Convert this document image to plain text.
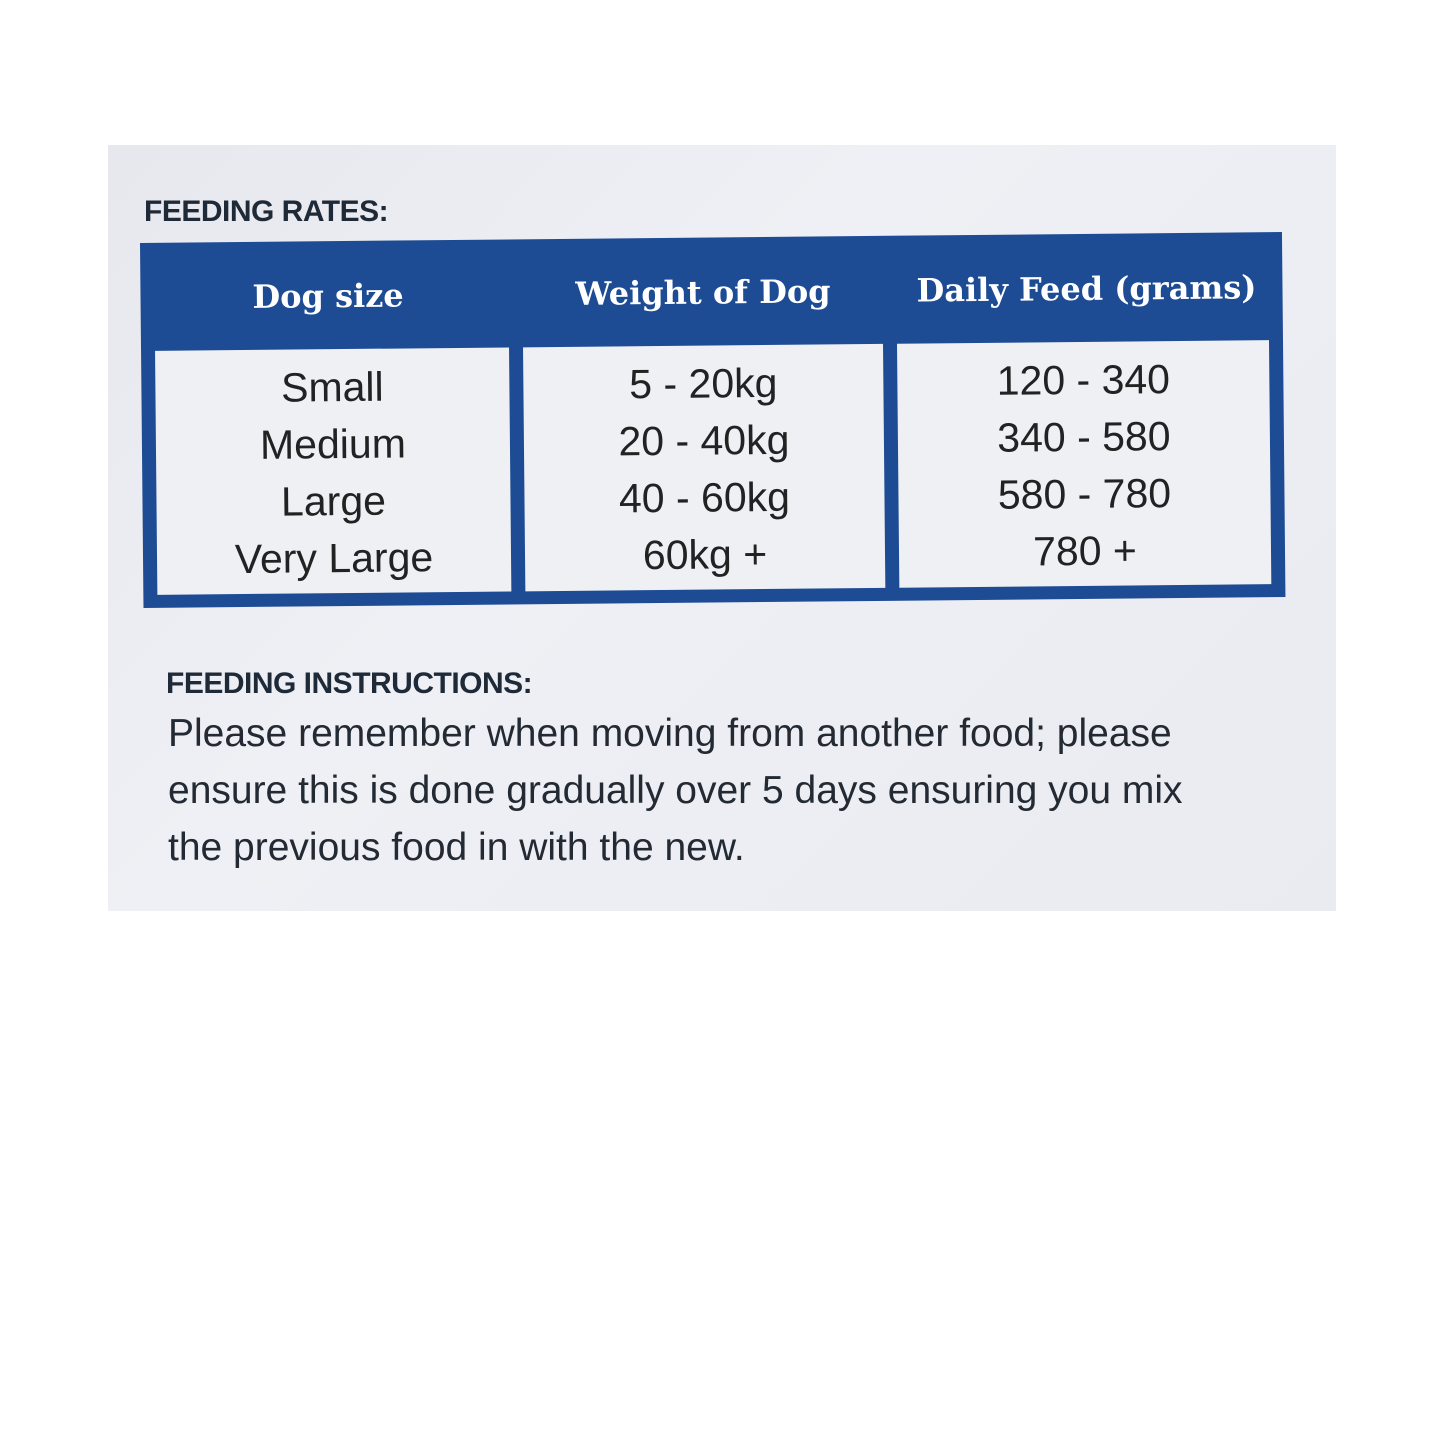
FEEDING RATES:
Dog size	Weight of Dog	Daily Feed (grams)
Small
Medium
Large
Very Large
5 - 20kg
20 - 40kg
40 - 60kg
60kg +
120 - 340
340 - 580
580 - 780
780 +
FEEDING INSTRUCTIONS:
Please remember when moving from another food; please
ensure this is done gradually over 5 days ensuring you mix
the previous food in with the new.
